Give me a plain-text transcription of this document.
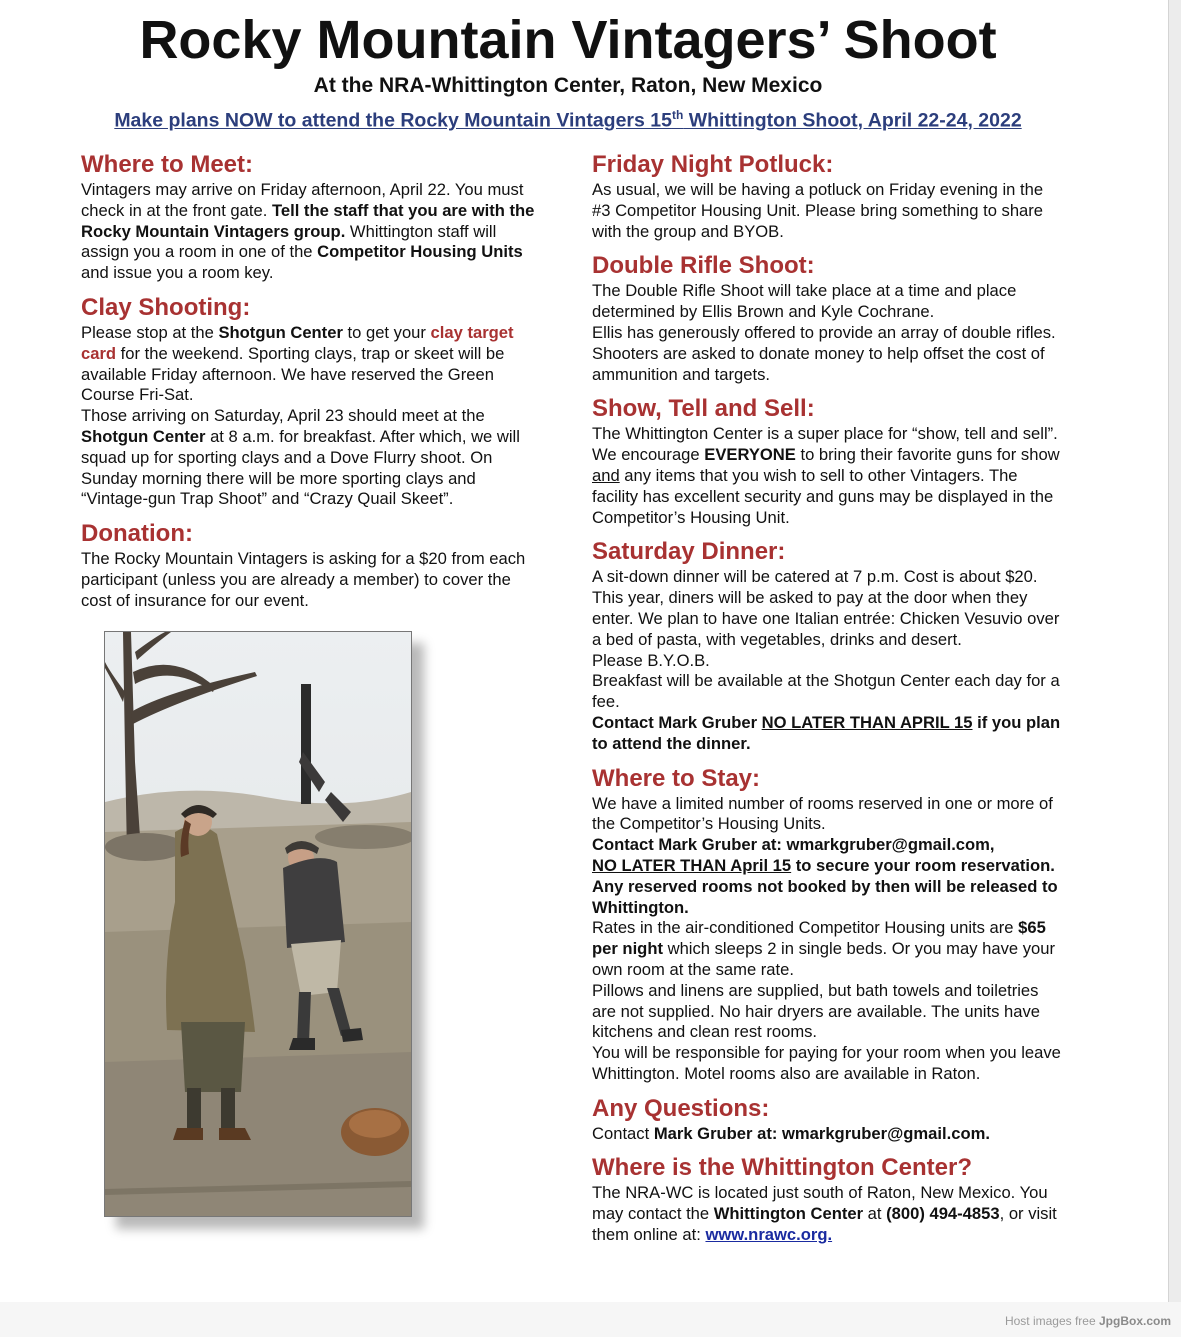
Rocky Mountain Vintagers’ Shoot
At the NRA-Whittington Center, Raton, New Mexico
Make plans NOW to attend the Rocky Mountain Vintagers 15th Whittington Shoot, April 22-24, 2022
Where to Meet:

Vintagers may arrive on Friday afternoon, April 22. You must check in at the front gate. Tell the staff that you are with the Rocky Mountain Vintagers group. Whittington staff will assign you a room in one of the Competitor Housing Units and issue you a room key.

Clay Shooting:

Please stop at the Shotgun Center to get your clay target card for the weekend. Sporting clays, trap or skeet will be available Friday afternoon. We have reserved the Green Course Fri-Sat.

Those arriving on Saturday, April 23 should meet at the Shotgun Center at 8 a.m. for breakfast. After which, we will squad up for sporting clays and a Dove Flurry shoot. On Sunday morning there will be more sporting clays and “Vintage-gun Trap Shoot” and “Crazy Quail Skeet”.

Donation:

The Rocky Mountain Vintagers is asking for a $20 from each participant (unless you are already a member) to cover the cost of insurance for our event.

Friday Night Potluck:

As usual, we will be having a potluck on Friday evening in the #3 Competitor Housing Unit. Please bring something to share with the group and BYOB.

Double Rifle Shoot:

The Double Rifle Shoot will take place at a time and place determined by Ellis Brown and Kyle Cochrane.

Ellis has generously offered to provide an array of double rifles. Shooters are asked to donate money to help offset the cost of ammunition and targets.

Show, Tell and Sell:

The Whittington Center is a super place for “show, tell and sell”. We encourage EVERYONE to bring their favorite guns for show and any items that you wish to sell to other Vintagers. The facility has excellent security and guns may be displayed in the Competitor’s Housing Unit.

Saturday Dinner:

A sit-down dinner will be catered at 7 p.m. Cost is about $20. This year, diners will be asked to pay at the door when they enter. We plan to have one Italian entrée: Chicken Vesuvio over a bed of pasta, with vegetables, drinks and desert.

Please B.Y.O.B.

Breakfast will be available at the Shotgun Center each day for a fee.

Contact Mark Gruber NO LATER THAN APRIL 15 if you plan to attend the dinner.

Where to Stay:

We have a limited number of rooms reserved in one or more of the Competitor’s Housing Units.

Contact Mark Gruber at: wmarkgruber@gmail.com,
NO LATER THAN April 15 to secure your room reservation. Any reserved rooms not booked by then will be released to Whittington.

Rates in the air-conditioned Competitor Housing units are $65 per night which sleeps 2 in single beds. Or you may have your own room at the same rate.

Pillows and linens are supplied, but bath towels and toiletries are not supplied. No hair dryers are available. The units have kitchens and clean rest rooms.

You will be responsible for paying for your room when you leave Whittington. Motel rooms also are available in Raton.

Any Questions:

Contact Mark Gruber at: wmarkgruber@gmail.com.

Where is the Whittington Center?

The NRA-WC is located just south of Raton, New Mexico. You may contact the Whittington Center at (800) 494-4853, or visit them online at: www.nrawc.org.

Host images free JpgBox.com
